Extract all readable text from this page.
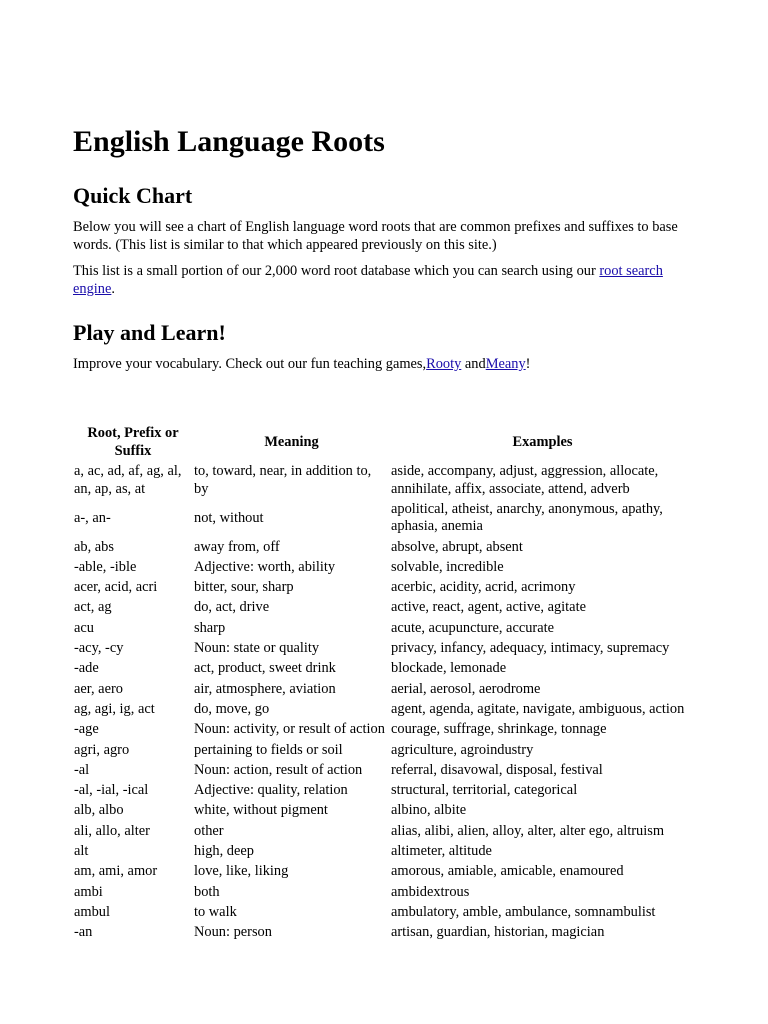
English Language Roots
Quick Chart

Below you will see a chart of English language word roots that are common prefixes and suffixes to base words. (This list is similar to that which appeared previously on this site.)

This list is a small portion of our 2,000 word root database which you can search using our root search engine.

Play and Learn!

Improve your vocabulary. Check out our fun teaching games,Rooty andMeany!

Root, Prefix or Suffix	Meaning	Examples
a, ac, ad, af, ag, al, an, ap, as, at	to, toward, near, in addition to, by	aside, accompany, adjust, aggression, allocate, annihilate, affix, associate, attend, adverb
a-, an-	not, without	apolitical, atheist, anarchy, anonymous, apathy, aphasia, anemia
ab, abs	away from, off	absolve, abrupt, absent
-able, -ible	Adjective: worth, ability	solvable, incredible
acer, acid, acri	bitter, sour, sharp	acerbic, acidity, acrid, acrimony
act, ag	do, act, drive	active, react, agent, active, agitate
acu	sharp	acute, acupuncture, accurate
-acy, -cy	Noun: state or quality	privacy, infancy, adequacy, intimacy, supremacy
-ade	act, product, sweet drink	blockade, lemonade
aer, aero	air, atmosphere, aviation	aerial, aerosol, aerodrome
ag, agi, ig, act	do, move, go	agent, agenda, agitate, navigate, ambiguous, action
-age	Noun: activity, or result of action	courage, suffrage, shrinkage, tonnage
agri, agro	pertaining to fields or soil	agriculture, agroindustry
-al	Noun: action, result of action	referral, disavowal, disposal, festival
-al, -ial, -ical	Adjective: quality, relation	structural, territorial, categorical
alb, albo	white, without pigment	albino, albite
ali, allo, alter	other	alias, alibi, alien, alloy, alter, alter ego, altruism
alt	high, deep	altimeter, altitude
am, ami, amor	love, like, liking	amorous, amiable, amicable, enamoured
ambi	both	ambidextrous
ambul	to walk	ambulatory, amble, ambulance, somnambulist
-an	Noun: person	artisan, guardian, historian, magician
